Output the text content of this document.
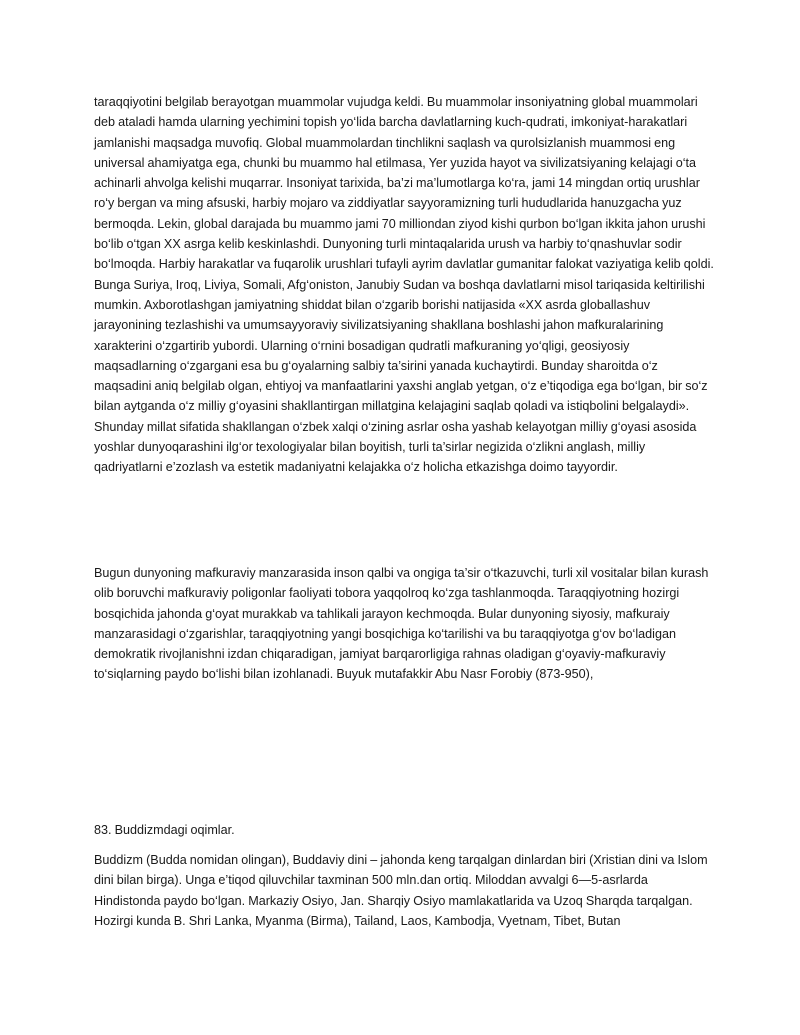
taraqqiyotini belgilab berayotgan muammolar vujudga keldi. Bu muammolar insoniyatning global muammolari deb ataladi hamda ularning yechimini topish yo‘lida barcha davlatlarning kuch-qudrati, imkoniyat-harakatlari jamlanishi maqsadga muvofiq. Global muammolardan tinchlikni saqlash va qurolsizlanish muammosi eng universal ahamiyatga ega, chunki bu muammo hal etilmasa, Yer yuzida hayot va sivilizatsiyaning kelajagi o‘ta achinarli ahvolga kelishi muqarrar. Insoniyat tarixida, ba’zi ma’lumotlarga ko‘ra, jami 14 mingdan ortiq urushlar ro‘y bergan va ming afsuski, harbiy mojaro va ziddiyatlar sayyoramizning turli hududlarida hanuzgacha yuz bermoqda. Lekin, global darajada bu muammo jami 70 milliondan ziyod kishi qurbon bo‘lgan ikkita jahon urushi bo‘lib o‘tgan XX asrga kelib keskinlashdi. Dunyoning turli mintaqalarida urush va harbiy to‘qnashuvlar sodir bo‘lmoqda. Harbiy harakatlar va fuqarolik urushlari tufayli ayrim davlatlar gumanitar falokat vaziyatiga kelib qoldi. Bunga Suriya, Iroq, Liviya, Somali, Afg‘oniston, Janubiy Sudan va boshqa davlatlarni misol tariqasida keltirilishi mumkin. Axborotlashgan jamiyatning shiddat bilan o‘zgarib borishi natijasida «XX asrda globallashuv jarayonining tezlashishi va umumsayyoraviy sivilizatsiyaning shakllana boshlashi jahon mafkuralarining xarakterini o‘zgartirib yubordi. Ularning o‘rnini bosadigan qudratli mafkuraning yo‘qligi, geosiyosiy maqsadlarning o‘zgargani esa bu g‘oyalarning salbiy ta’sirini yanada kuchaytirdi. Bunday sharoitda o‘z maqsadini aniq belgilab olgan, ehtiyoj va manfaatlarini yaxshi anglab yetgan, o‘z e’tiqodiga ega bo‘lgan, bir so‘z bilan aytganda o‘z milliy g‘oyasini shakllantirgan millatgina kelajagini saqlab qoladi va istiqbolini belgalaydi». Shunday millat sifatida shakllangan o‘zbek xalqi o‘zining asrlar osha yashab kelayotgan milliy g‘oyasi asosida yoshlar dunyoqarashini ilg‘or texologiyalar bilan boyitish, turli ta’sirlar negizida o‘zlikni anglash, milliy qadriyatlarni e’zozlash va estetik madaniyatni kelajakka o‘z holicha etkazishga doimo tayyordir.

Bugun dunyoning mafkuraviy manzarasida inson qalbi va ongiga ta’sir o‘tkazuvchi, turli xil vositalar bilan kurash olib boruvchi mafkuraviy poligonlar faoliyati tobora yaqqolroq ko‘zga tashlanmoqda. Taraqqiyotning hozirgi bosqichida jahonda g‘oyat murakkab va tahlikali jarayon kechmoqda. Bular dunyoning siyosiy, mafkuraiy manzarasidagi o‘zgarishlar, taraqqiyotning yangi bosqichiga ko‘tarilishi va bu taraqqiyotga g‘ov bo‘ladigan demokratik rivojlanishni izdan chiqaradigan, jamiyat barqarorligiga rahnas oladigan g‘oyaviy-mafkuraviy to‘siqlarning paydo bo‘lishi bilan izohlanadi. Buyuk mutafakkir Abu Nasr Forobiy (873-950),

83. Buddizmdagi oqimlar.

Buddizm (Budda nomidan olingan), Buddaviy dini – jahonda keng tarqalgan dinlardan biri (Xristian dini va Islom dini bilan birga). Unga e’tiqod qiluvchilar taxminan 500 mln.dan ortiq. Miloddan avvalgi 6—5-asrlarda Hindistonda paydo bo‘lgan. Markaziy Osiyo, Jan. Sharqiy Osiyo mamlakatlarida va Uzoq Sharqda tarqalgan. Hozirgi kunda B. Shri Lanka, Myanma (Birma), Tailand, Laos, Kambodja, Vyetnam, Tibet, Butan
